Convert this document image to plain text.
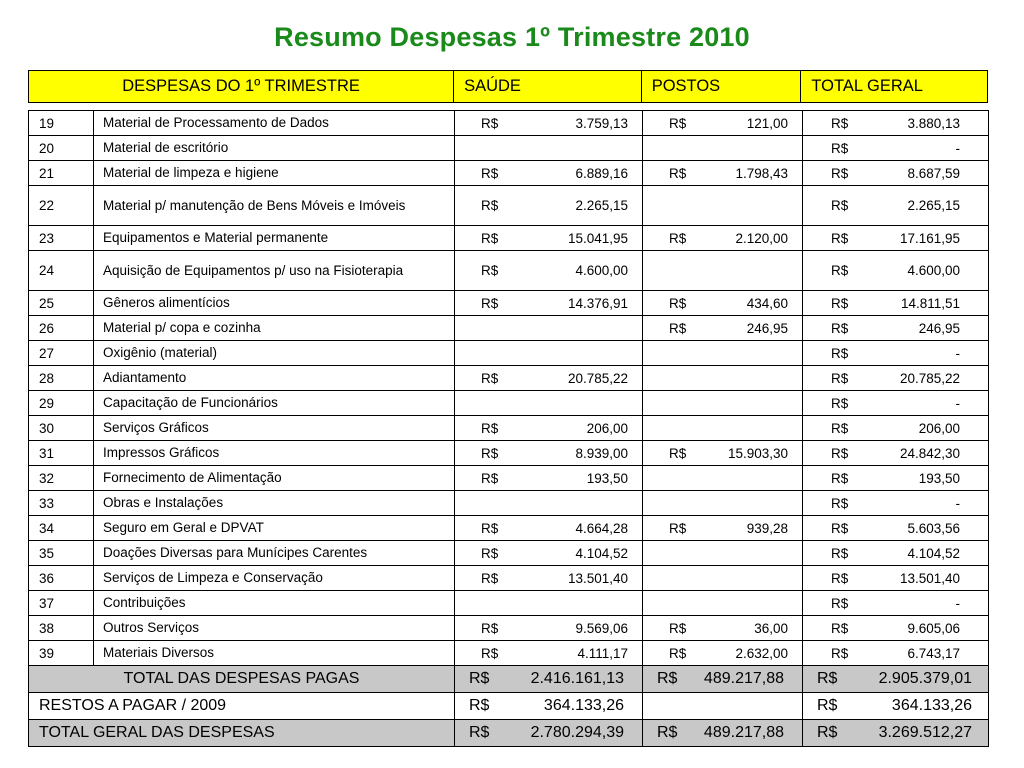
Resumo Despesas 1º Trimestre 2010
DESPESAS DO 1º TRIMESTRE	SAÚDE	POSTOS	TOTAL GERAL
19	Material de Processamento de Dados	R$ 3.759,13	R$ 121,00	R$ 3.880,13

20	Material de escritório			R$ -

21	Material de limpeza e higiene	R$ 6.889,16	R$ 1.798,43	R$ 8.687,59

22	Material p/ manutenção de Bens Móveis e Imóveis	R$ 2.265,15		R$ 2.265,15

23	Equipamentos e Material permanente	R$ 15.041,95	R$ 2.120,00	R$ 17.161,95

24	Aquisição de Equipamentos p/ uso na Fisioterapia	R$ 4.600,00		R$ 4.600,00

25	Gêneros alimentícios	R$ 14.376,91	R$ 434,60	R$ 14.811,51

26	Material p/ copa e cozinha		R$ 246,95	R$ 246,95

27	Oxigênio (material)			R$ -

28	Adiantamento	R$ 20.785,22		R$ 20.785,22

29	Capacitação de Funcionários			R$ -

30	Serviços Gráficos	R$ 206,00		R$ 206,00

31	Impressos Gráficos	R$ 8.939,00	R$ 15.903,30	R$ 24.842,30

32	Fornecimento de Alimentação	R$ 193,50		R$ 193,50

33	Obras e Instalações			R$ -

34	Seguro em Geral e DPVAT	R$ 4.664,28	R$ 939,28	R$ 5.603,56

35	Doações Diversas para Munícipes Carentes	R$ 4.104,52		R$ 4.104,52

36	Serviços de Limpeza e Conservação	R$ 13.501,40		R$ 13.501,40

37	Contribuições			R$ -

38	Outros Serviços	R$ 9.569,06	R$ 36,00	R$ 9.605,06

39	Materiais Diversos	R$ 4.111,17	R$ 2.632,00	R$ 6.743,17

TOTAL DAS DESPESAS PAGAS		R$ 2.416.161,13	R$ 489.217,88	R$ 2.905.379,01

RESTOS A PAGAR / 2009		R$ 364.133,26		R$ 364.133,26

TOTAL GERAL DAS DESPESAS		R$ 2.780.294,39	R$ 489.217,88	R$ 3.269.512,27
